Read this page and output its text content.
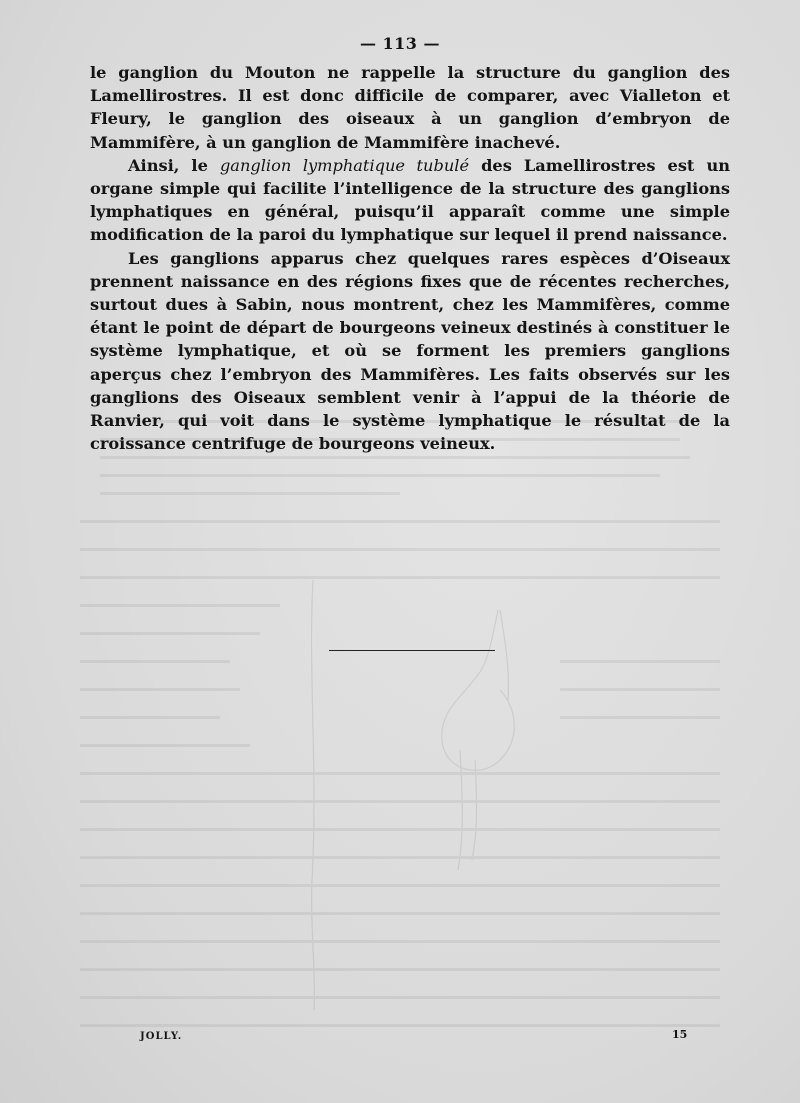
— 113 —

le ganglion du Mouton ne rappelle la structure du ganglion des Lamellirostres. Il est donc difficile de comparer, avec Vialleton et Fleury, le ganglion des oiseaux à un ganglion d’embryon de Mammifère, à un ganglion de Mammifère inachevé.

Ainsi, le ganglion lymphatique tubulé des Lamellirostres est un organe simple qui facilite l’intelligence de la structure des ganglions lymphatiques en général, puisqu’il apparaît comme une simple modification de la paroi du lymphatique sur lequel il prend naissance.

Les ganglions apparus chez quelques rares espèces d’Oiseaux prennent naissance en des régions fixes que de récentes recherches, surtout dues à Sabin, nous montrent, chez les Mammifères, comme étant le point de départ de bourgeons veineux destinés à constituer le système lymphatique, et où se forment les premiers ganglions aperçus chez l’embryon des Mammifères. Les faits observés sur les ganglions des Oiseaux semblent venir à l’appui de la théorie de Ranvier, qui voit dans le système lymphatique le résultat de la croissance centrifuge de bourgeons veineux.

JOLLY.	15
